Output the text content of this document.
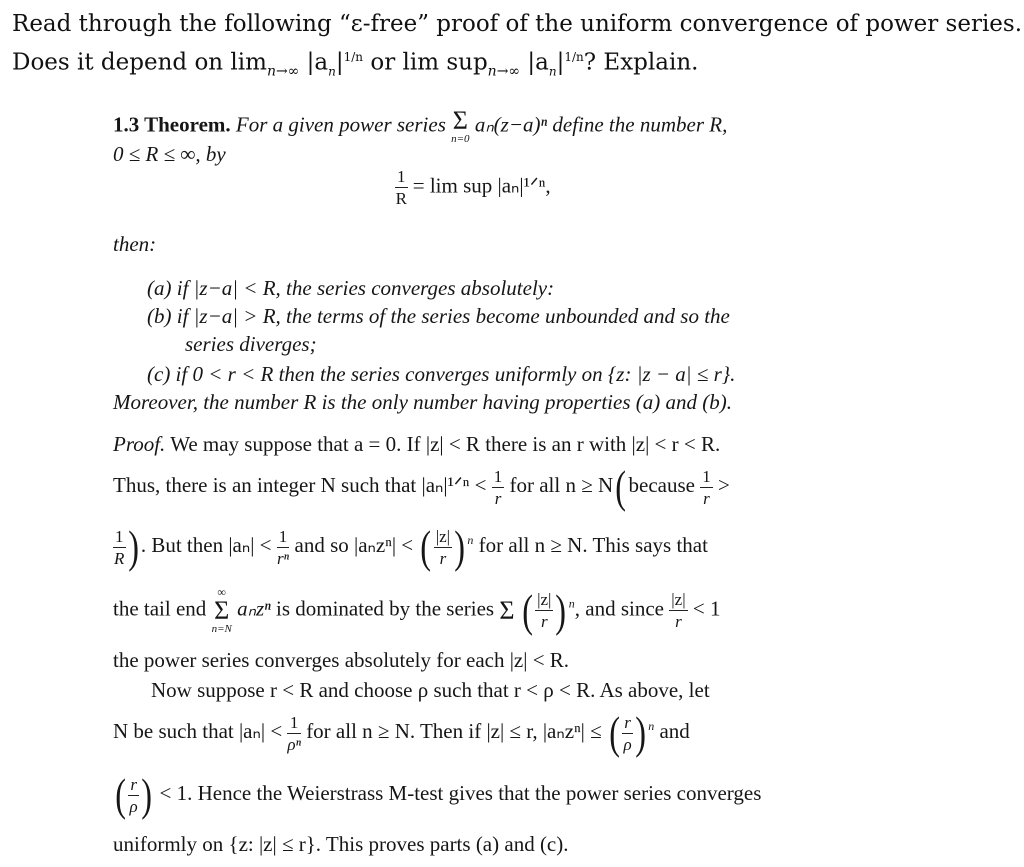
Read through the following “ε-free” proof of the uniform convergence of power series.
Does it depend on $\lim_{n\to\infty} |a_n|^{1/n}$ or lim sup$_{n\to\infty}$ $|a_n|^{1/n}$? Explain.
1.3 Theorem. For a given power series Σ
n=0
aₙ(z−a)ⁿ define the number R,
0 ≤ R ≤ ∞, by
$\frac{1}{R} = \lim$ sup |aₙ|¹ᐟⁿ,
then:
(a) if |z−a| < R, the series converges absolutely:
(b) if |z−a| > R, the terms of the series become unbounded and so the
series diverges;
(c) if 0 < r < R then the series converges uniformly on {z: |z − a| ≤ r}.
Moreover, the number R is the only number having properties (a) and (b).
Proof. We may suppose that a = 0. If |z| < R there is an r with |z| < r < R.
Thus, there is an integer N such that |aₙ|¹ᐟⁿ < $\frac{1}{r}$ for all n ≥ N( because $\frac{1}{r}$ >
$\frac{1}{R}$ ) . But then $|a_n| < \frac{1}{\text{rⁿ}}$ and so |aₙzⁿ| < ( $\frac{|z|}{r}$ ) $^n$ for all n ≥ N. This says that
the tail end
∞
Σ
n=N
aₙzⁿ is dominated by the series Σ ( $\frac{|z|}{r}$ ) $^n$, and since $\frac{|z|}{r} < 1$
the power series converges absolutely for each |z| < R.
Now suppose r < R and choose ρ such that r < ρ < R. As above, let
N be such that $|a_n| < \frac{1}{\text{ρⁿ}}$ for all n ≥ N. Then if |z| ≤ r, |aₙzⁿ| ≤ ( $\frac{r}{\rho}$ ) $^n$ and
( $\frac{r}{\rho}$ ) < 1. Hence the Weierstrass M-test gives that the power series converges
uniformly on {z: |z| ≤ r}. This proves parts (a) and (c).
